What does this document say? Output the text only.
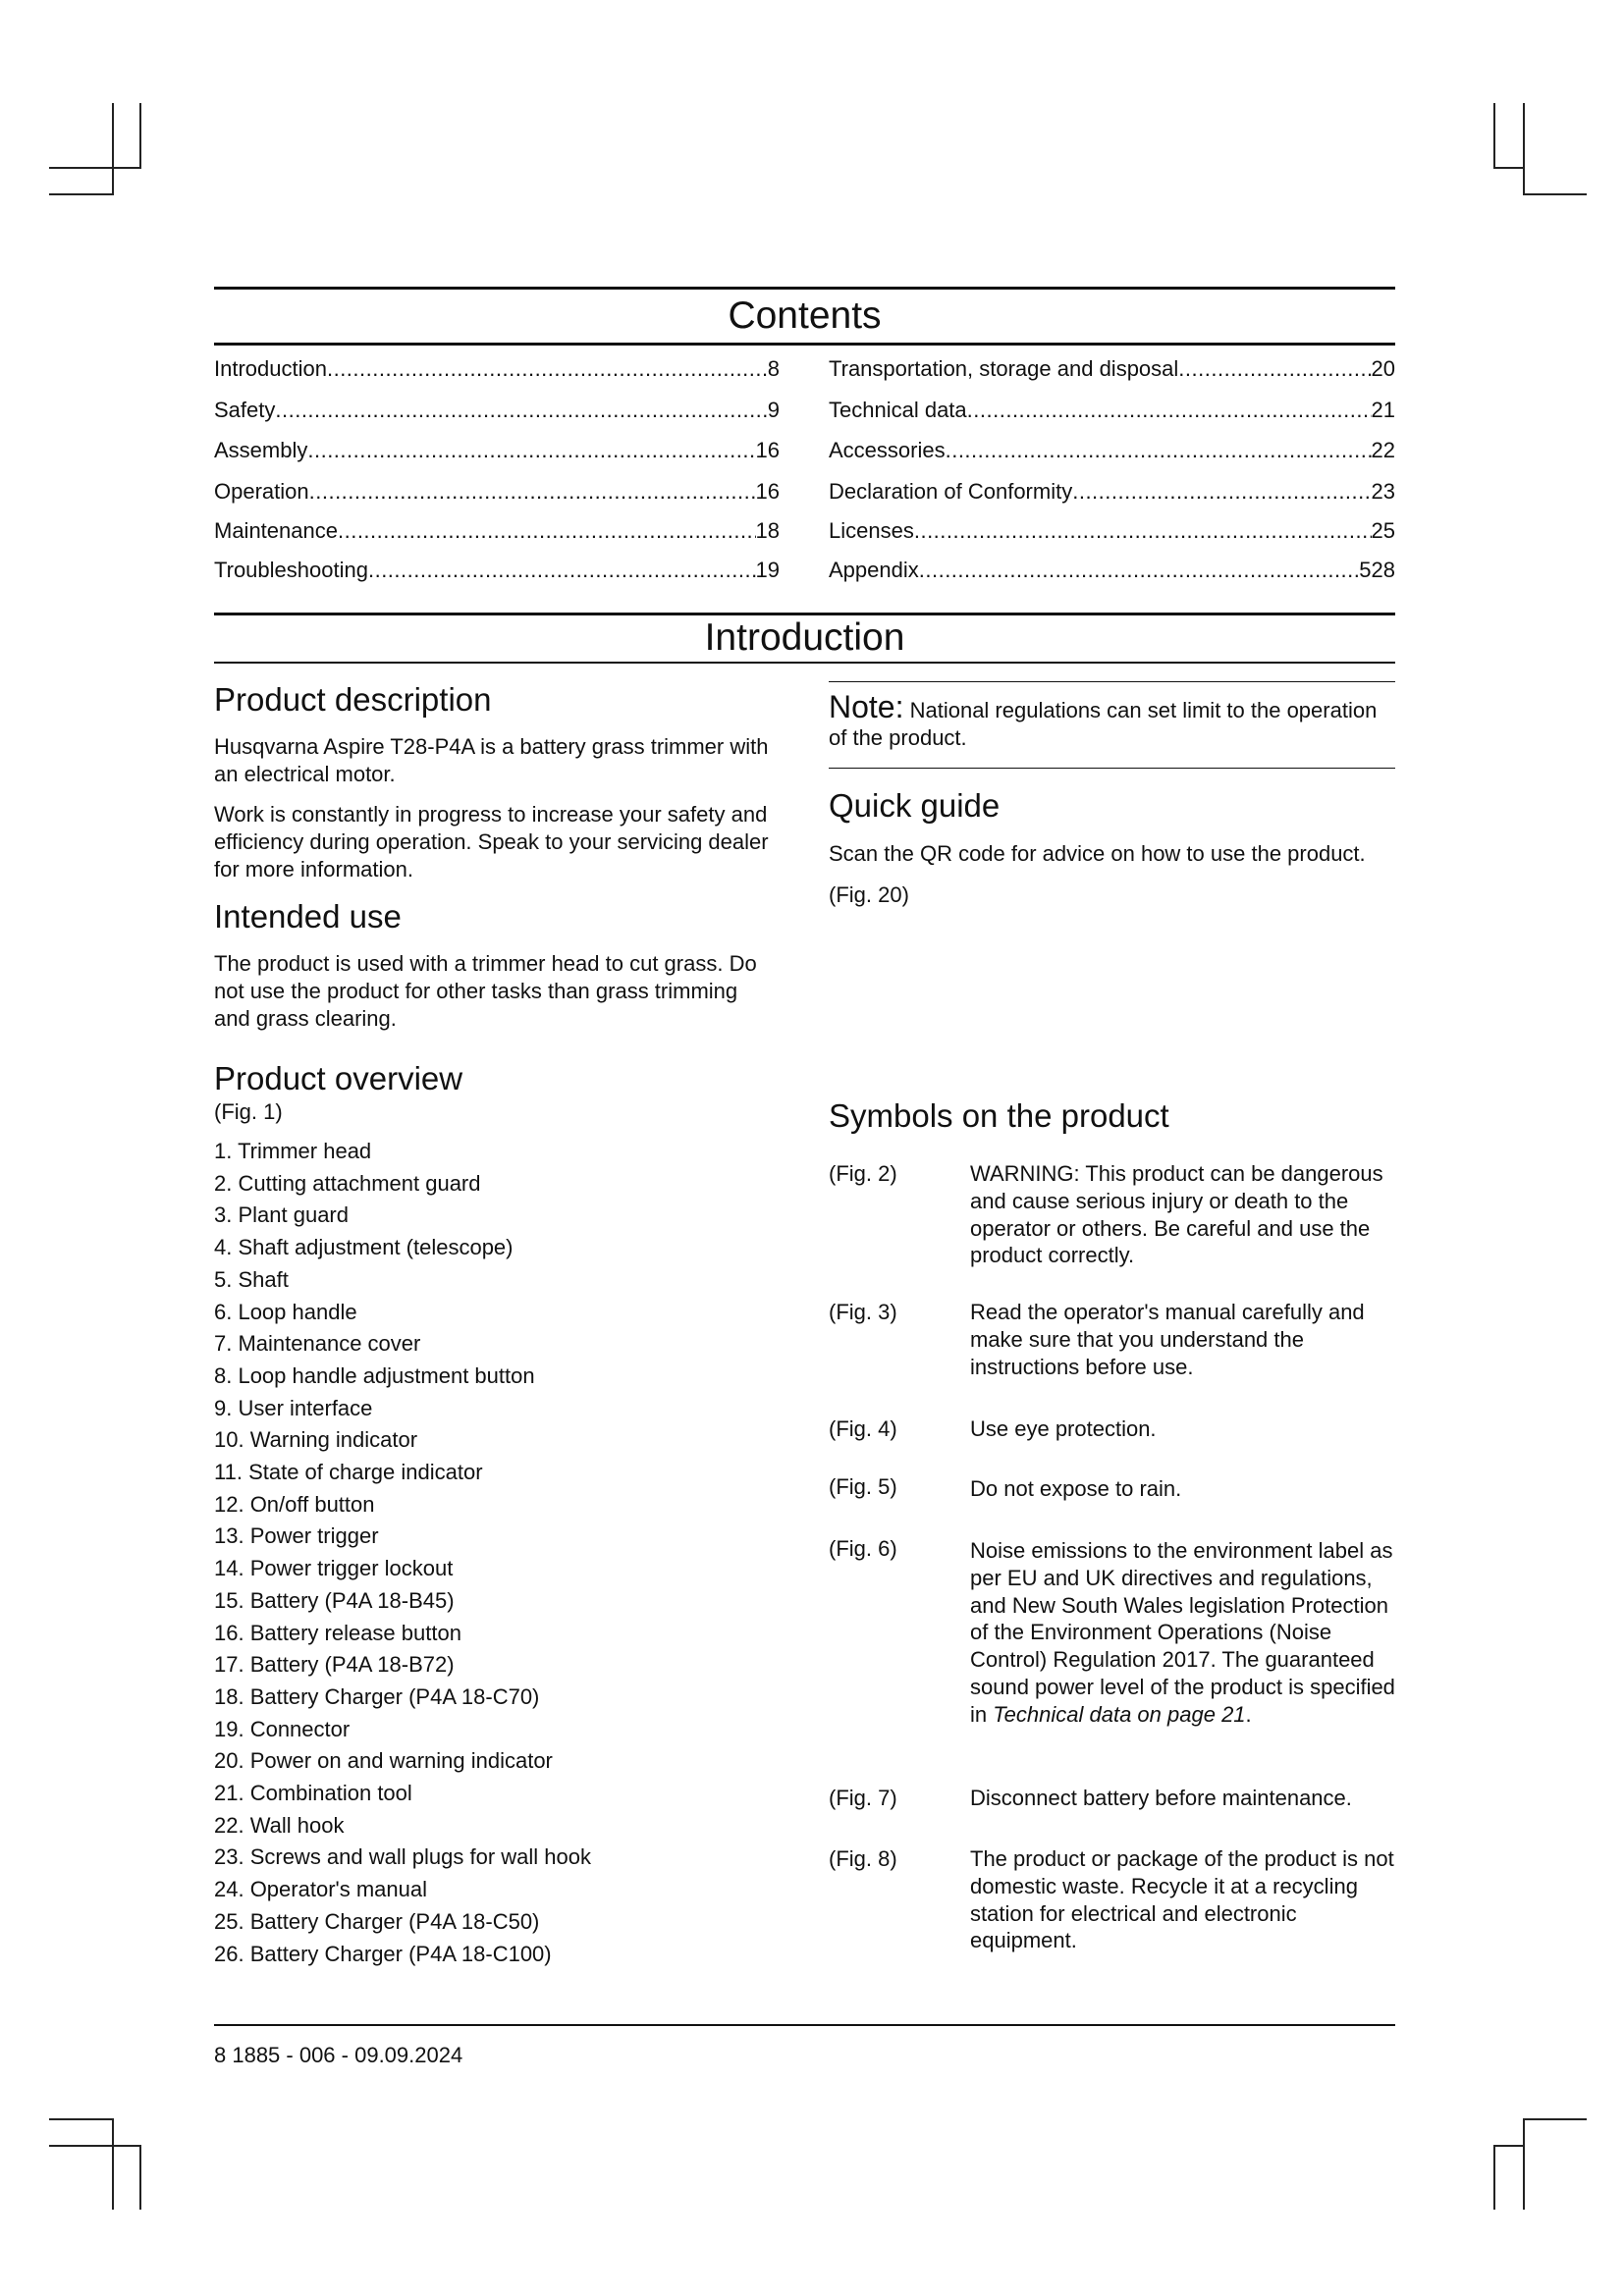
Contents
Introduction .....	8
Safety .....	9
Assembly .....	16
Operation .....	16
Maintenance .....	18
Troubleshooting .....	19
Transportation, storage and disposal .....	20
Technical data .....	21
Accessories .....	22
Declaration of Conformity .....	23
Licenses .....	25
Appendix .....	528
Introduction
Product description
Husqvarna Aspire T28-P4A is a battery grass trimmer with an electrical motor.
Work is constantly in progress to increase your safety and efficiency during operation. Speak to your servicing dealer for more information.
Intended use
The product is used with a trimmer head to cut grass. Do not use the product for other tasks than grass trimming and grass clearing.
Product overview
(Fig. 1)
1. Trimmer head
2. Cutting attachment guard
3. Plant guard
4. Shaft adjustment (telescope)
5. Shaft
6. Loop handle
7. Maintenance cover
8. Loop handle adjustment button
9. User interface
10. Warning indicator
11. State of charge indicator
12. On/off button
13. Power trigger
14. Power trigger lockout
15. Battery (P4A 18-B45)
16. Battery release button
17. Battery (P4A 18-B72)
18. Battery Charger (P4A 18-C70)
19. Connector
20. Power on and warning indicator
21. Combination tool
22. Wall hook
23. Screws and wall plugs for wall hook
24. Operator's manual
25. Battery Charger (P4A 18-C50)
26. Battery Charger (P4A 18-C100)
Note: National regulations can set limit to the operation of the product.
Quick guide
Scan the QR code for advice on how to use the product.
(Fig. 20)
Symbols on the product
(Fig. 2)	WARNING: This product can be dangerous and cause serious injury or death to the operator or others. Be careful and use the product correctly.
(Fig. 3)	Read the operator's manual carefully and make sure that you understand the instructions before use.
(Fig. 4)	Use eye protection.
(Fig. 5)	Do not expose to rain.
(Fig. 6)	Noise emissions to the environment label as per EU and UK directives and regulations, and New South Wales legislation Protection of the Environment Operations (Noise Control) Regulation 2017. The guaranteed sound power level of the product is specified in Technical data on page 21.
(Fig. 7)	Disconnect battery before maintenance.
(Fig. 8)	The product or package of the product is not domestic waste. Recycle it at a recycling station for electrical and electronic equipment.
8 1885 - 006 - 09.09.2024
